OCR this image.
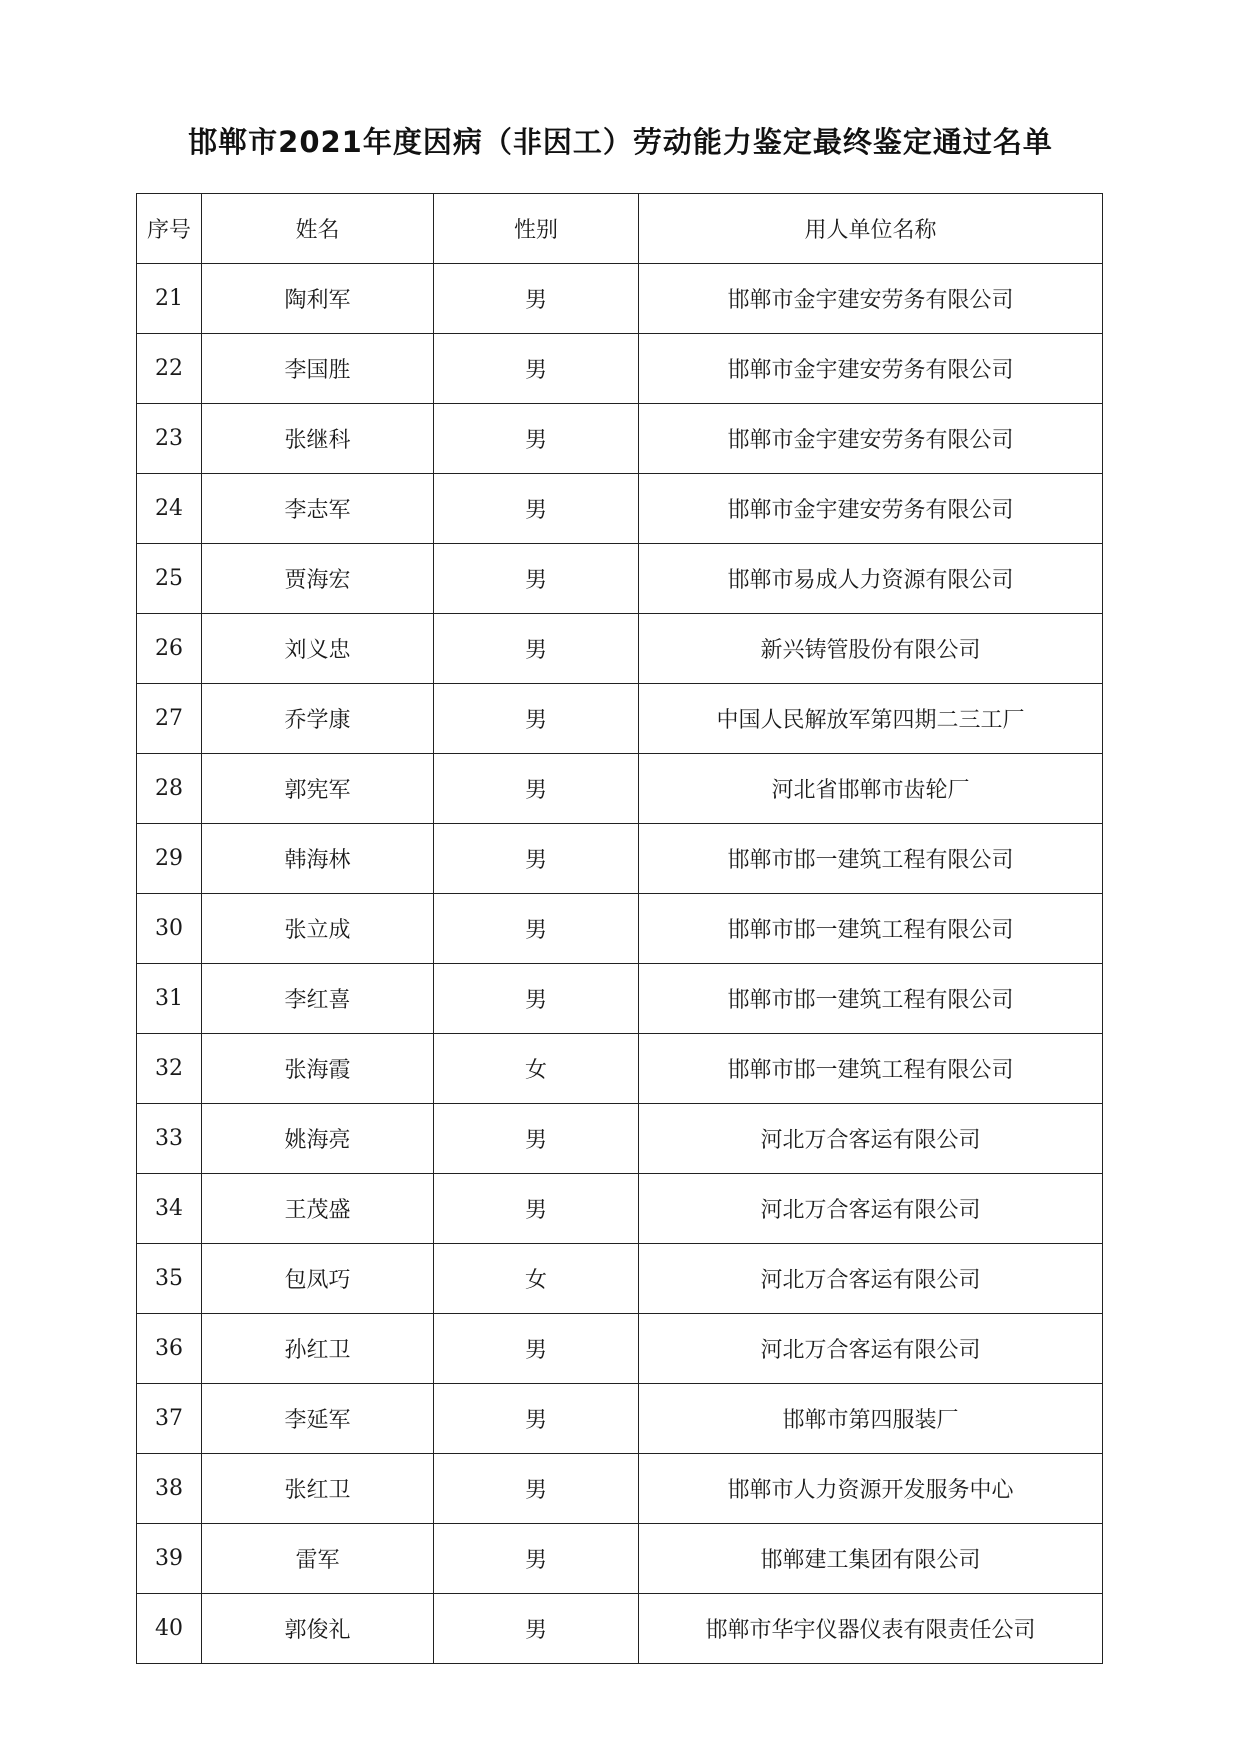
邯郸市2021年度因病（非因工）劳动能力鉴定最终鉴定通过名单
序号	姓名	性别	用人单位名称
21	陶利军	男	邯郸市金宇建安劳务有限公司
22	李国胜	男	邯郸市金宇建安劳务有限公司
23	张继科	男	邯郸市金宇建安劳务有限公司
24	李志军	男	邯郸市金宇建安劳务有限公司
25	贾海宏	男	邯郸市易成人力资源有限公司
26	刘义忠	男	新兴铸管股份有限公司
27	乔学康	男	中国人民解放军第四期二三工厂
28	郭宪军	男	河北省邯郸市齿轮厂
29	韩海林	男	邯郸市邯一建筑工程有限公司
30	张立成	男	邯郸市邯一建筑工程有限公司
31	李红喜	男	邯郸市邯一建筑工程有限公司
32	张海霞	女	邯郸市邯一建筑工程有限公司
33	姚海亮	男	河北万合客运有限公司
34	王茂盛	男	河北万合客运有限公司
35	包凤巧	女	河北万合客运有限公司
36	孙红卫	男	河北万合客运有限公司
37	李延军	男	邯郸市第四服装厂
38	张红卫	男	邯郸市人力资源开发服务中心
39	雷军	男	邯郸建工集团有限公司
40	郭俊礼	男	邯郸市华宇仪器仪表有限责任公司
